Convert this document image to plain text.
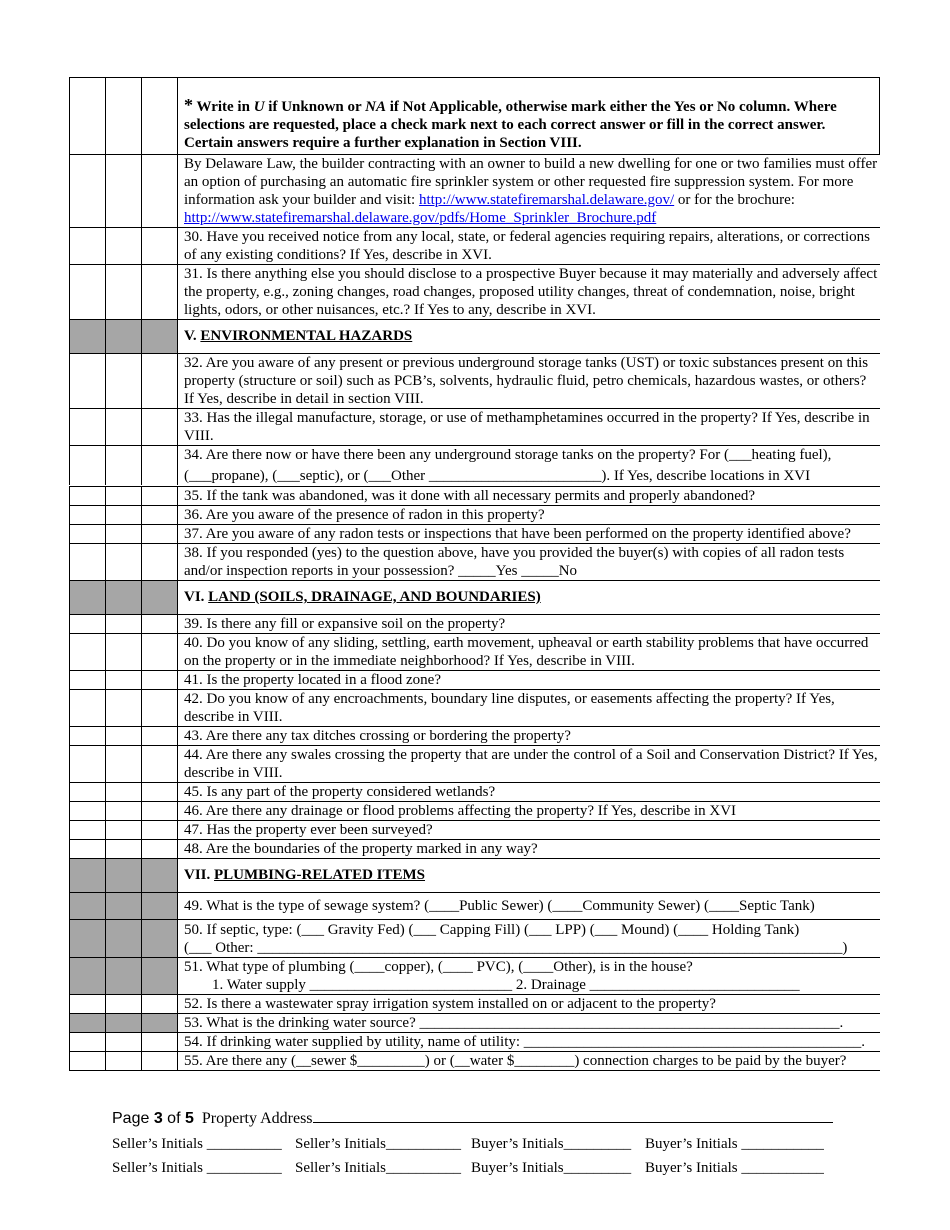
* Write in U if Unknown or NA if Not Applicable, otherwise mark either the Yes or No column. Where selections are requested, place a check mark next to each correct answer or fill in the correct answer. Certain answers require a further explanation in Section VIII.
By Delaware Law, the builder contracting with an owner to build a new dwelling for one or two families must offer an option of purchasing an automatic fire sprinkler system or other requested fire suppression system. For more information ask your builder and visit: http://www.statefiremarshal.delaware.gov/ or for the brochure: http://www.statefiremarshal.delaware.gov/pdfs/Home_Sprinkler_Brochure.pdf
30. Have you received notice from any local, state, or federal agencies requiring repairs, alterations, or corrections of any existing conditions? If Yes, describe in XVI.
31. Is there anything else you should disclose to a prospective Buyer because it may materially and adversely affect the property, e.g., zoning changes, road changes, proposed utility changes, threat of condemnation, noise, bright lights, odors, or other nuisances, etc.? If Yes to any, describe in XVI.
V. ENVIRONMENTAL HAZARDS
32. Are you aware of any present or previous underground storage tanks (UST) or toxic substances present on this property (structure or soil) such as PCB’s, solvents, hydraulic fluid, petro chemicals, hazardous wastes, or others? If Yes, describe in detail in section VIII.
33. Has the illegal manufacture, storage, or use of methamphetamines occurred in the property? If Yes, describe in VIII.

34. Are there now or have there been any underground storage tanks on the property? For (___heating fuel),

(___propane), (___septic), or (___Other _______________________). If Yes, describe locations in XVI

35. If the tank was abandoned, was it done with all necessary permits and properly abandoned?
36. Are you aware of the presence of radon in this property?
37. Are you aware of any radon tests or inspections that have been performed on the property identified above?
38. If you responded (yes) to the question above, have you provided the buyer(s) with copies of all radon tests and/or inspection reports in your possession? _____Yes _____No
VI. LAND (SOILS, DRAINAGE, AND BOUNDARIES)
39. Is there any fill or expansive soil on the property?
40. Do you know of any sliding, settling, earth movement, upheaval or earth stability problems that have occurred on the property or in the immediate neighborhood? If Yes, describe in VIII.
41. Is the property located in a flood zone?
42. Do you know of any encroachments, boundary line disputes, or easements affecting the property? If Yes, describe in VIII.
43. Are there any tax ditches crossing or bordering the property?
44. Are there any swales crossing the property that are under the control of a Soil and Conservation District? If Yes, describe in VIII.
45. Is any part of the property considered wetlands?
46. Are there any drainage or flood problems affecting the property? If Yes, describe in XVI
47. Has the property ever been surveyed?
48. Are the boundaries of the property marked in any way?
VII. PLUMBING-RELATED ITEMS
49. What is the type of sewage system? (____Public Sewer) (____Community Sewer) (____Septic Tank)

50. If septic, type: (___ Gravity Fed) (___ Capping Fill) (___ LPP) (___ Mound) (____ Holding Tank)

(___ Other: ______________________________________________________________________________)

51. What type of plumbing (____copper), (____ PVC), (____Other), is in the house?

1. Water supply ___________________________ 2. Drainage ____________________________

52. Is there a wastewater spray irrigation system installed on or adjacent to the property?
53. What is the drinking water source? ________________________________________________________.
54. If drinking water supplied by utility, name of utility: _____________________________________________.
55. Are there any (__sewer $_________) or (__water $________) connection charges to be paid by the buyer?
Page 3 of 5  Property Address
Seller’s Initials __________ Seller’s Initials__________ Buyer’s Initials_________ Buyer’s Initials ___________
Seller’s Initials __________ Seller’s Initials__________ Buyer’s Initials_________ Buyer’s Initials ___________
